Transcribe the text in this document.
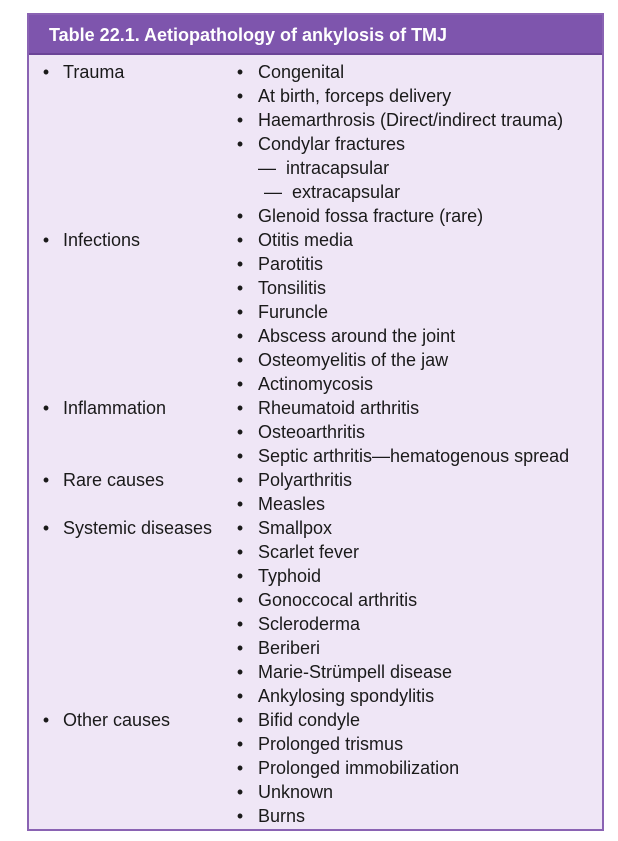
Table 22.1. Aetiopathology of ankylosis of TMJ
• Trauma	• Congenital
• At birth, forceps delivery
• Haemarthrosis (Direct/indirect trauma)
• Condylar fractures
— intracapsular
— extracapsular
• Glenoid fossa fracture (rare)
• Infections	• Otitis media
• Parotitis
• Tonsilitis
• Furuncle
• Abscess around the joint
• Osteomyelitis of the jaw
• Actinomycosis
• Inflammation	• Rheumatoid arthritis
• Osteoarthritis
• Septic arthritis—hematogenous spread
• Rare causes	• Polyarthritis
• Measles
• Systemic diseases • Smallpox
• Scarlet fever
• Typhoid
• Gonoccocal arthritis
• Scleroderma
• Beriberi
• Marie-Strümpell disease
• Ankylosing spondylitis
• Other causes	• Bifid condyle
• Prolonged trismus
• Prolonged immobilization
• Unknown
• Burns
